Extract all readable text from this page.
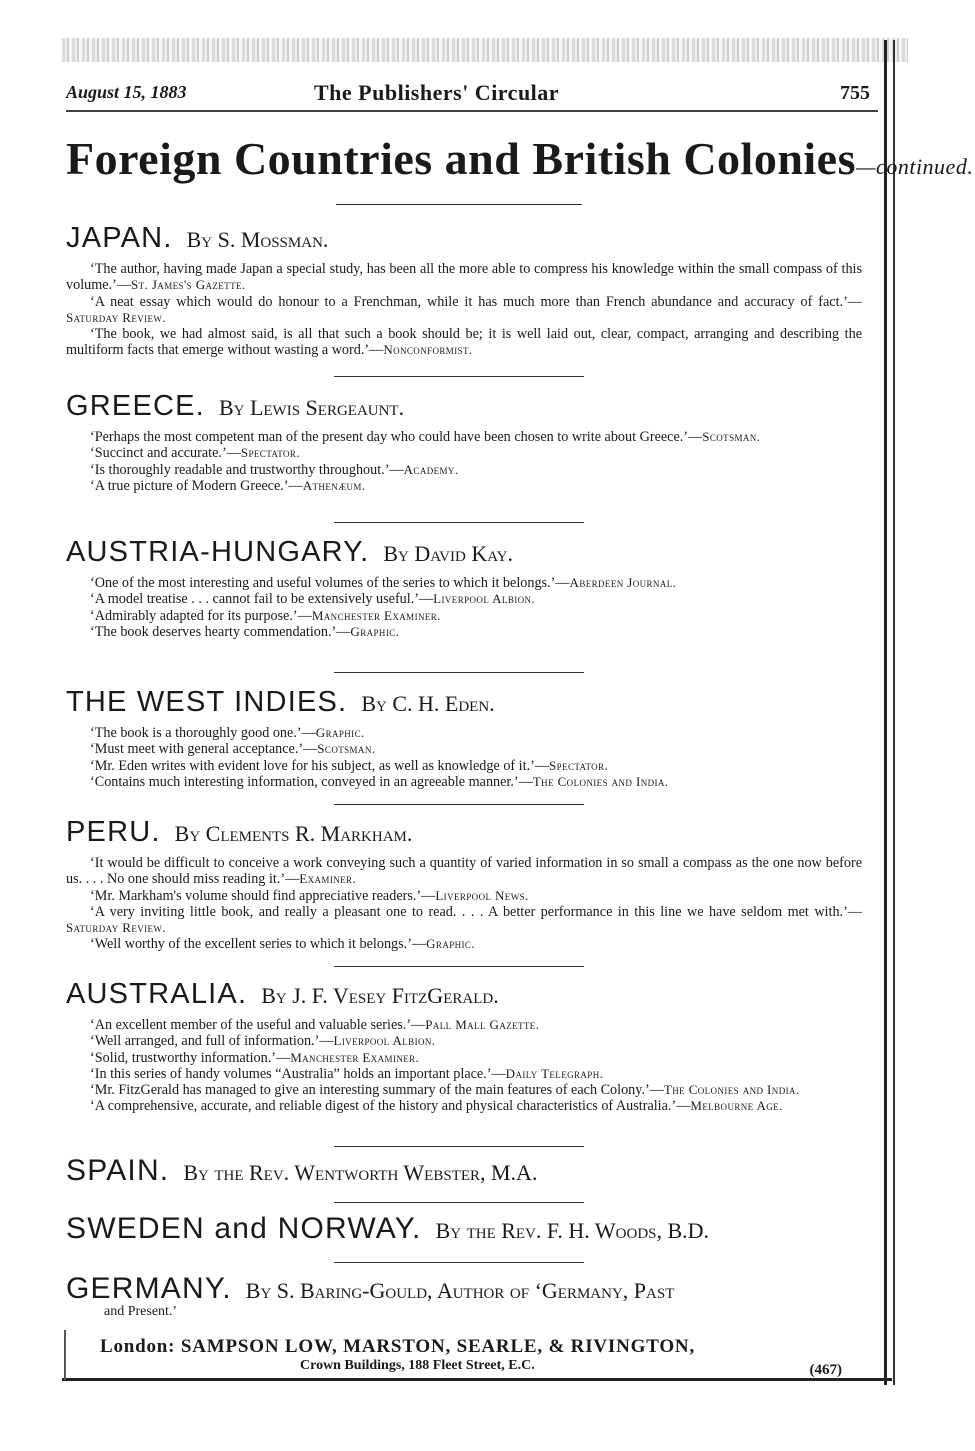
August 15, 1883	The Publishers' Circular	755
Foreign Countries and British Colonies—continued.
JAPAN. By S. Mossman.

‘The author, having made Japan a special study, has been all the more able to compress his knowledge within the small compass of this volume.’—St. James's Gazette.

‘A neat essay which would do honour to a Frenchman, while it has much more than French abundance and accuracy of fact.’—Saturday Review.

‘The book, we had almost said, is all that such a book should be; it is well laid out, clear, compact, arranging and describing the multiform facts that emerge without wasting a word.’—Nonconformist.

GREECE. By Lewis Sergeaunt.

‘Perhaps the most competent man of the present day who could have been chosen to write about Greece.’—Scotsman.

‘Succinct and accurate.’—Spectator.

‘Is thoroughly readable and trustworthy throughout.’—Academy.

‘A true picture of Modern Greece.’—Athenæum.

AUSTRIA-HUNGARY. By David Kay.

‘One of the most interesting and useful volumes of the series to which it belongs.’—Aberdeen Journal.

‘A model treatise . . . cannot fail to be extensively useful.’—Liverpool Albion.

‘Admirably adapted for its purpose.’—Manchester Examiner.

‘The book deserves hearty commendation.’—Graphic.

THE WEST INDIES. By C. H. Eden.

‘The book is a thoroughly good one.’—Graphic.

‘Must meet with general acceptance.’—Scotsman.

‘Mr. Eden writes with evident love for his subject, as well as knowledge of it.’—Spectator.

‘Contains much interesting information, conveyed in an agreeable manner.’—The Colonies and India.

PERU. By Clements R. Markham.

‘It would be difficult to conceive a work conveying such a quantity of varied information in so small a compass as the one now before us. . . . No one should miss reading it.’—Examiner.

‘Mr. Markham's volume should find appreciative readers.’—Liverpool News.

‘A very inviting little book, and really a pleasant one to read. . . . A better performance in this line we have seldom met with.’—Saturday Review.

‘Well worthy of the excellent series to which it belongs.’—Graphic.

AUSTRALIA. By J. F. Vesey FitzGerald.

‘An excellent member of the useful and valuable series.’—Pall Mall Gazette.

‘Well arranged, and full of information.’—Liverpool Albion.

‘Solid, trustworthy information.’—Manchester Examiner.

‘In this series of handy volumes “Australia” holds an important place.’—Daily Telegraph.

‘Mr. FitzGerald has managed to give an interesting summary of the main features of each Colony.’—The Colonies and India.

‘A comprehensive, accurate, and reliable digest of the history and physical characteristics of Australia.’—Melbourne Age.

SPAIN. By the Rev. Wentworth Webster, M.A.
SWEDEN and NORWAY. By the Rev. F. H. Woods, B.D.
GERMANY. By S. Baring-Gould, Author of ‘Germany, Past
and Present.’
London: SAMPSON LOW, MARSTON, SEARLE, & RIVINGTON,
Crown Buildings, 188 Fleet Street, E.C.	(467)
